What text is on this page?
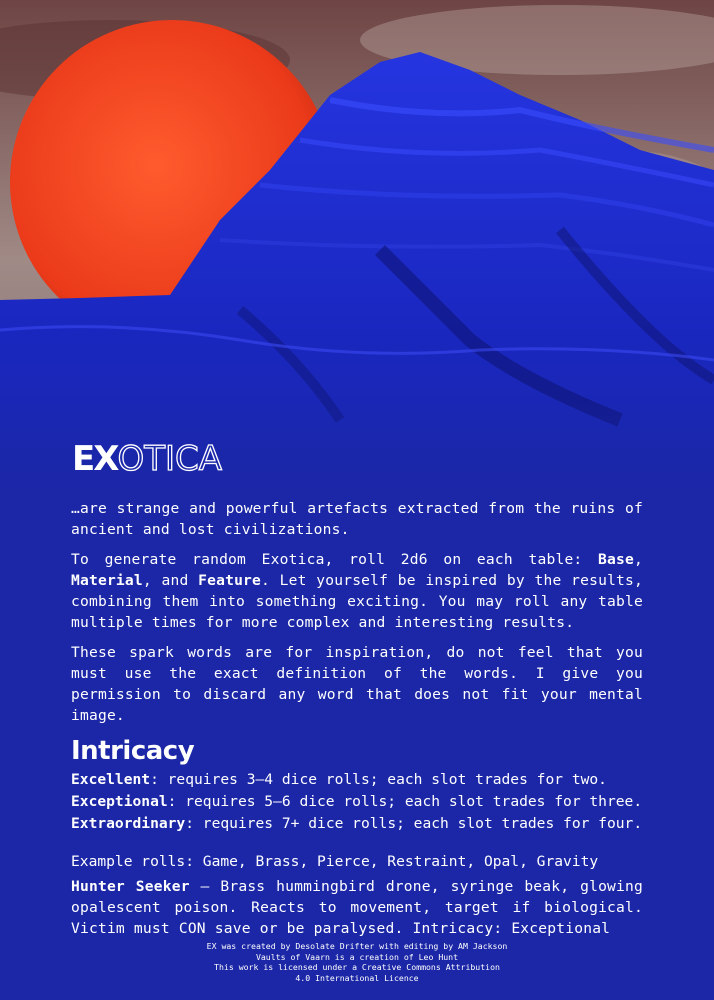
EXOTICA

…are strange and powerful artefacts extracted from the ruins of ancient and lost civilizations.

To generate random Exotica, roll 2d6 on each table: Base, Material, and Feature. Let yourself be inspired by the results, combining them into something exciting. You may roll any table multiple times for more complex and interesting results.

These spark words are for inspiration, do not feel that you must use the exact definition of the words. I give you permission to discard any word that does not fit your mental image.

Intricacy

Excellent: requires 3–4 dice rolls; each slot trades for two.

Exceptional: requires 5–6 dice rolls; each slot trades for three.

Extraordinary: requires 7+ dice rolls; each slot trades for four.

Example rolls: Game, Brass, Pierce, Restraint, Opal, Gravity

Hunter Seeker – Brass hummingbird drone, syringe beak, glowing opalescent poison. Reacts to movement, target if biological. Victim must CON save or be paralysed. Intricacy: Exceptional

EX was created by Desolate Drifter with editing by AM Jackson
Vaults of Vaarn is a creation of Leo Hunt
This work is licensed under a Creative Commons Attribution
4.0 International Licence
